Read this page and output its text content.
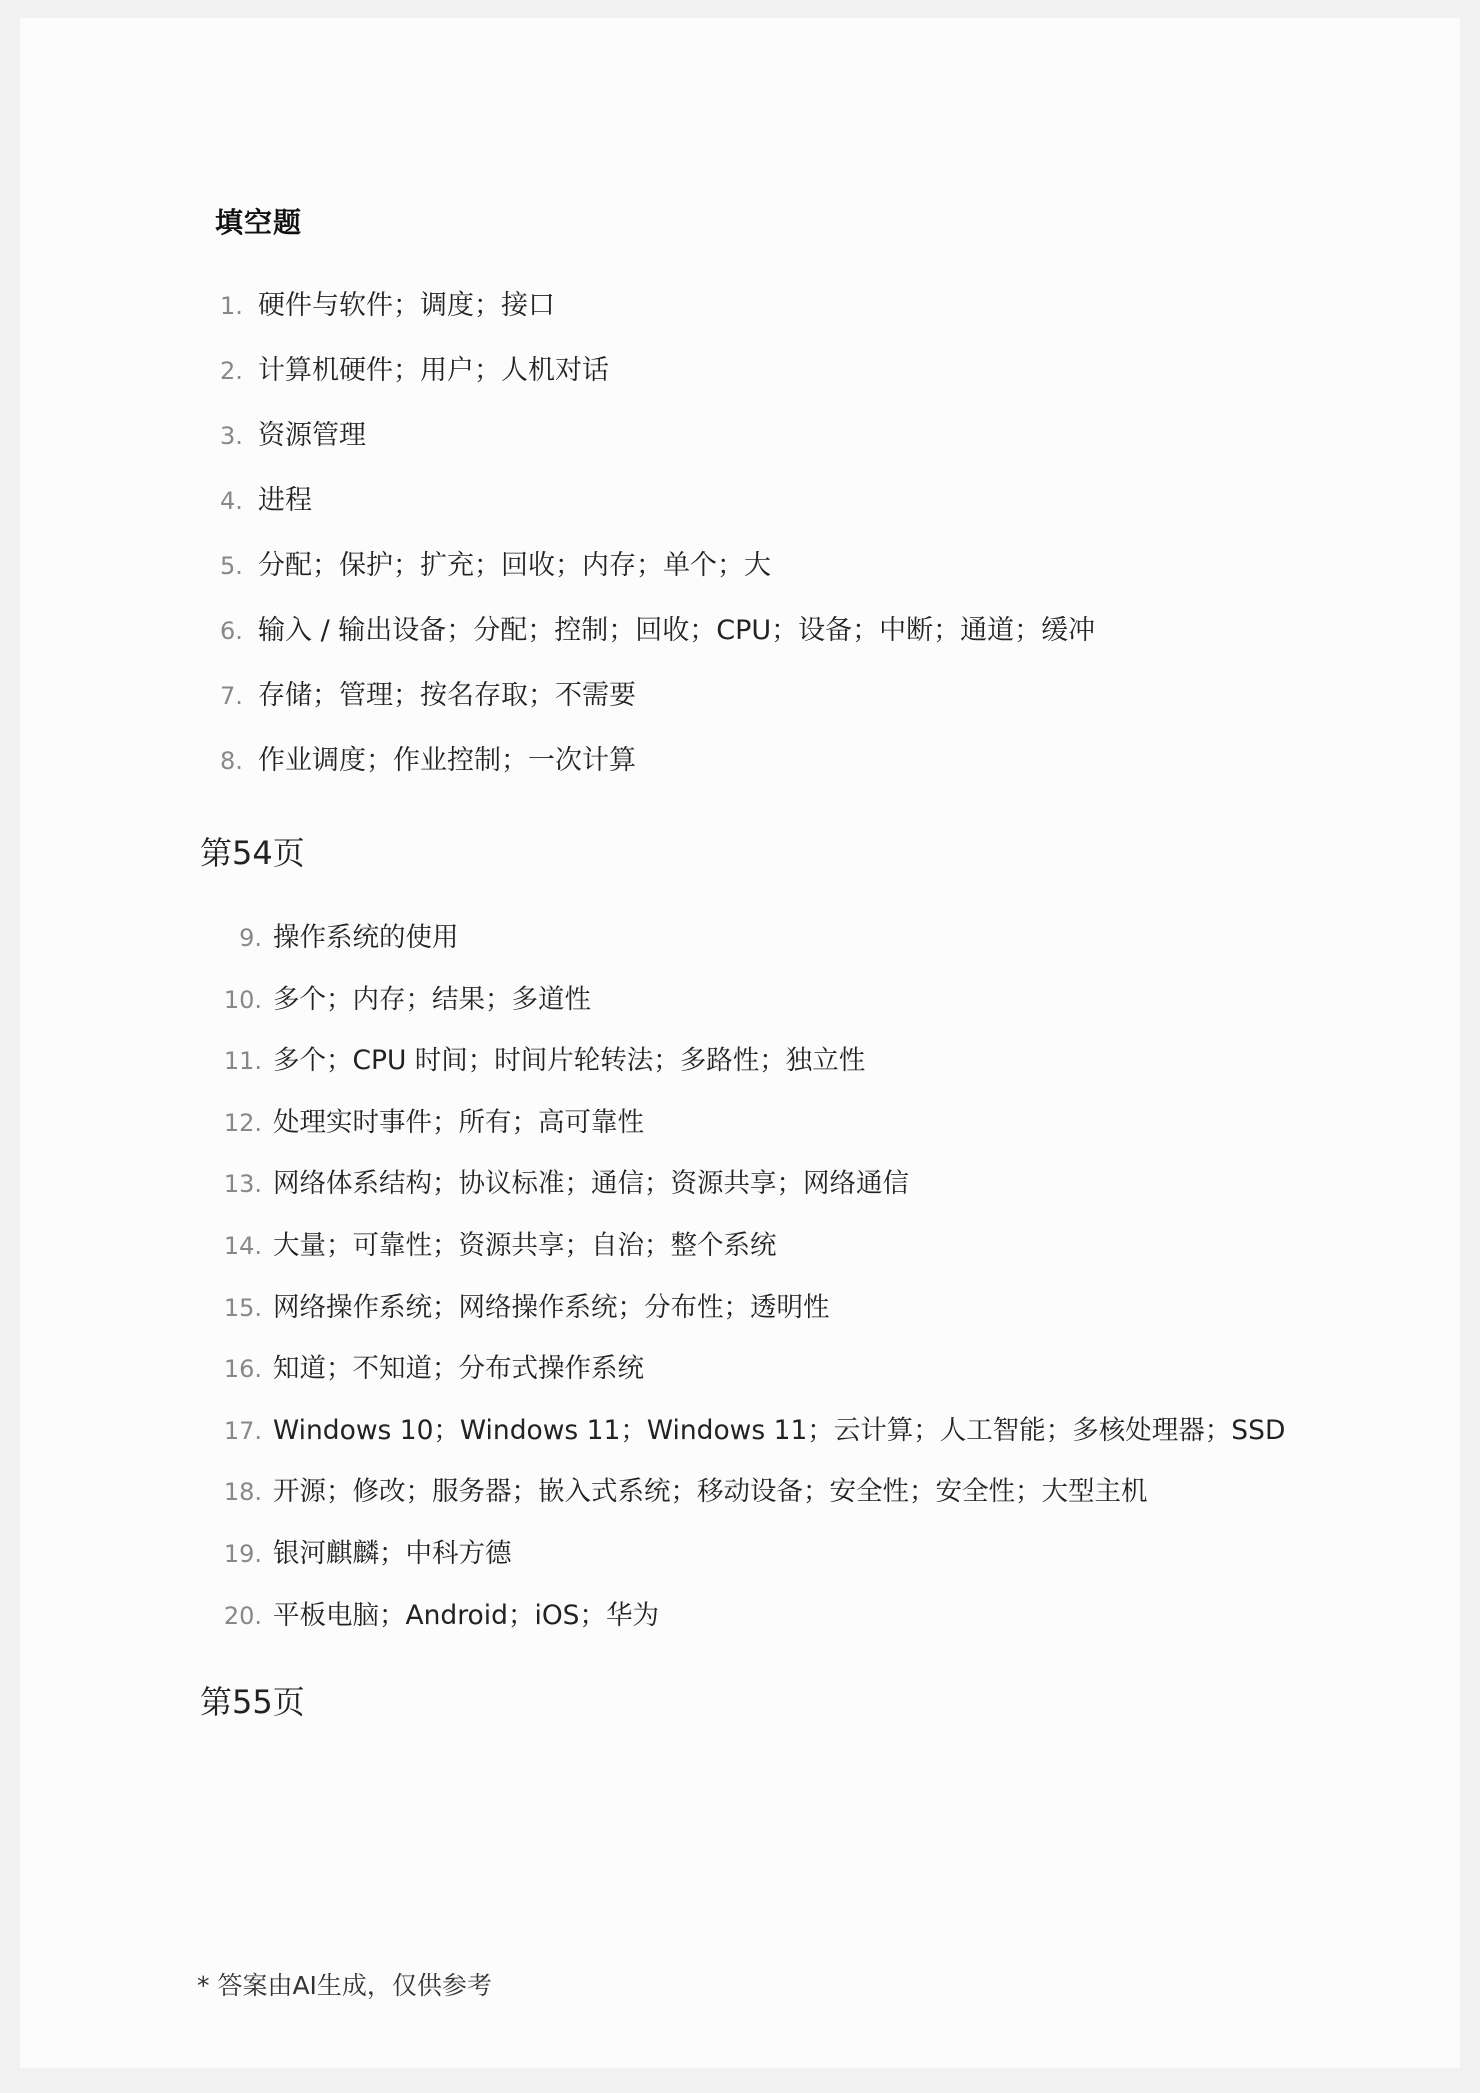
填空题
1. 硬件与软件；调度；接口
2. 计算机硬件；用户；人机对话
3. 资源管理
4. 进程
5. 分配；保护；扩充；回收；内存；单个；大
6. 输入 / 输出设备；分配；控制；回收；CPU；设备；中断；通道；缓冲
7. 存储；管理；按名存取；不需要
8. 作业调度；作业控制；一次计算
第54页
9. 操作系统的使用
10. 多个；内存；结果；多道性
11. 多个；CPU 时间；时间片轮转法；多路性；独立性
12. 处理实时事件；所有；高可靠性
13. 网络体系结构；协议标准；通信；资源共享；网络通信
14. 大量；可靠性；资源共享；自治；整个系统
15. 网络操作系统；网络操作系统；分布性；透明性
16. 知道；不知道；分布式操作系统
17. Windows 10；Windows 11；Windows 11；云计算；人工智能；多核处理器；SSD
18. 开源；修改；服务器；嵌入式系统；移动设备；安全性；安全性；大型主机
19. 银河麒麟；中科方德
20. 平板电脑；Android；iOS；华为
第55页
* 答案由AI生成，仅供参考
